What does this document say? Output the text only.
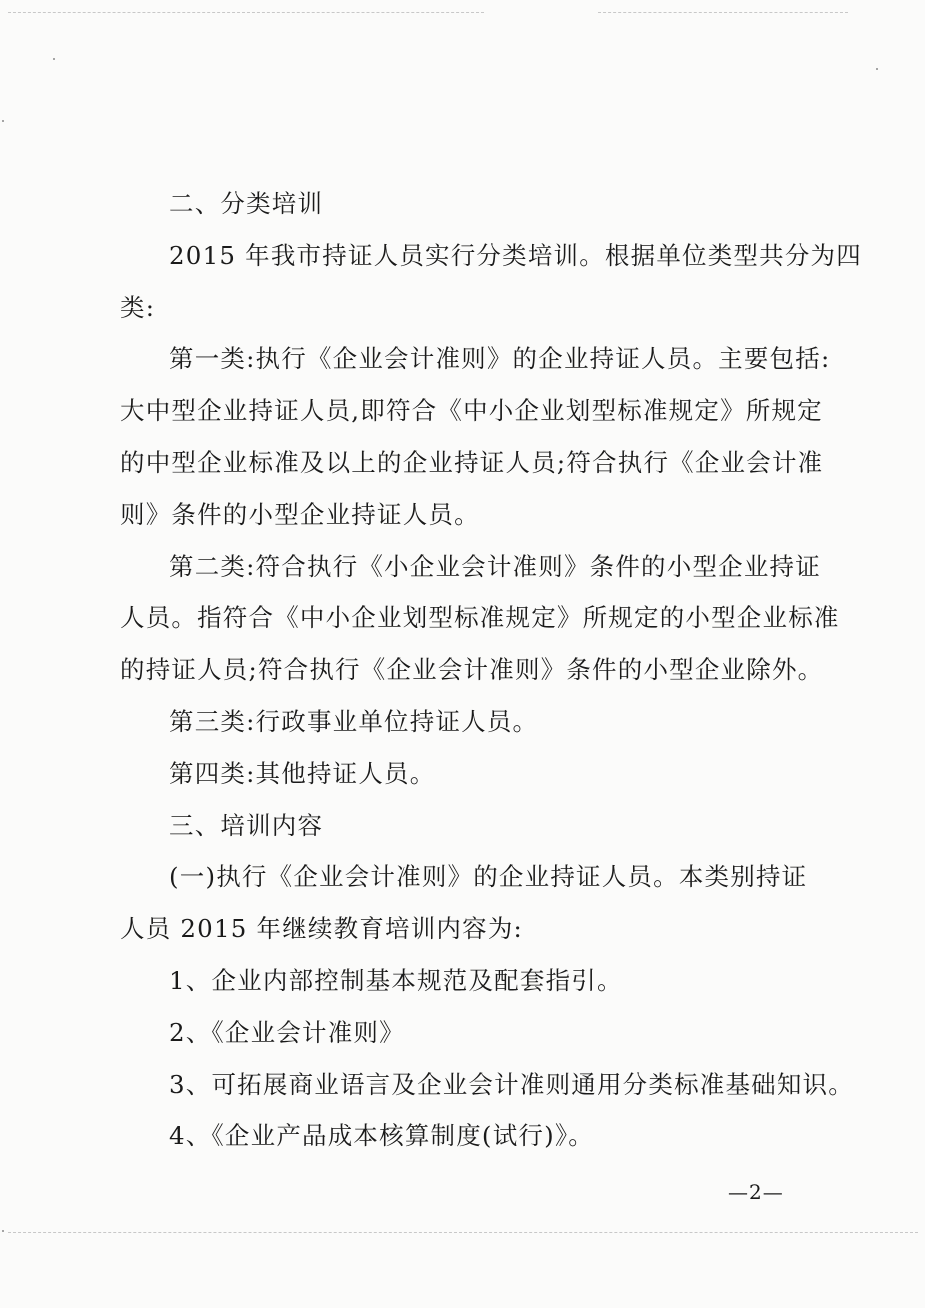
二、分类培训

2015 年我市持证人员实行分类培训。根据单位类型共分为四

类:

第一类:执行《企业会计准则》的企业持证人员。主要包括:

大中型企业持证人员,即符合《中小企业划型标准规定》所规定

的中型企业标准及以上的企业持证人员;符合执行《企业会计准

则》条件的小型企业持证人员。

第二类:符合执行《小企业会计准则》条件的小型企业持证

人员。指符合《中小企业划型标准规定》所规定的小型企业标准

的持证人员;符合执行《企业会计准则》条件的小型企业除外。

第三类:行政事业单位持证人员。

第四类:其他持证人员。

三、培训内容

(一)执行《企业会计准则》的企业持证人员。本类别持证

人员 2015 年继续教育培训内容为:

1、企业内部控制基本规范及配套指引。

2、《企业会计准则》

3、可拓展商业语言及企业会计准则通用分类标准基础知识。

4、《企业产品成本核算制度(试行)》。

—2—
